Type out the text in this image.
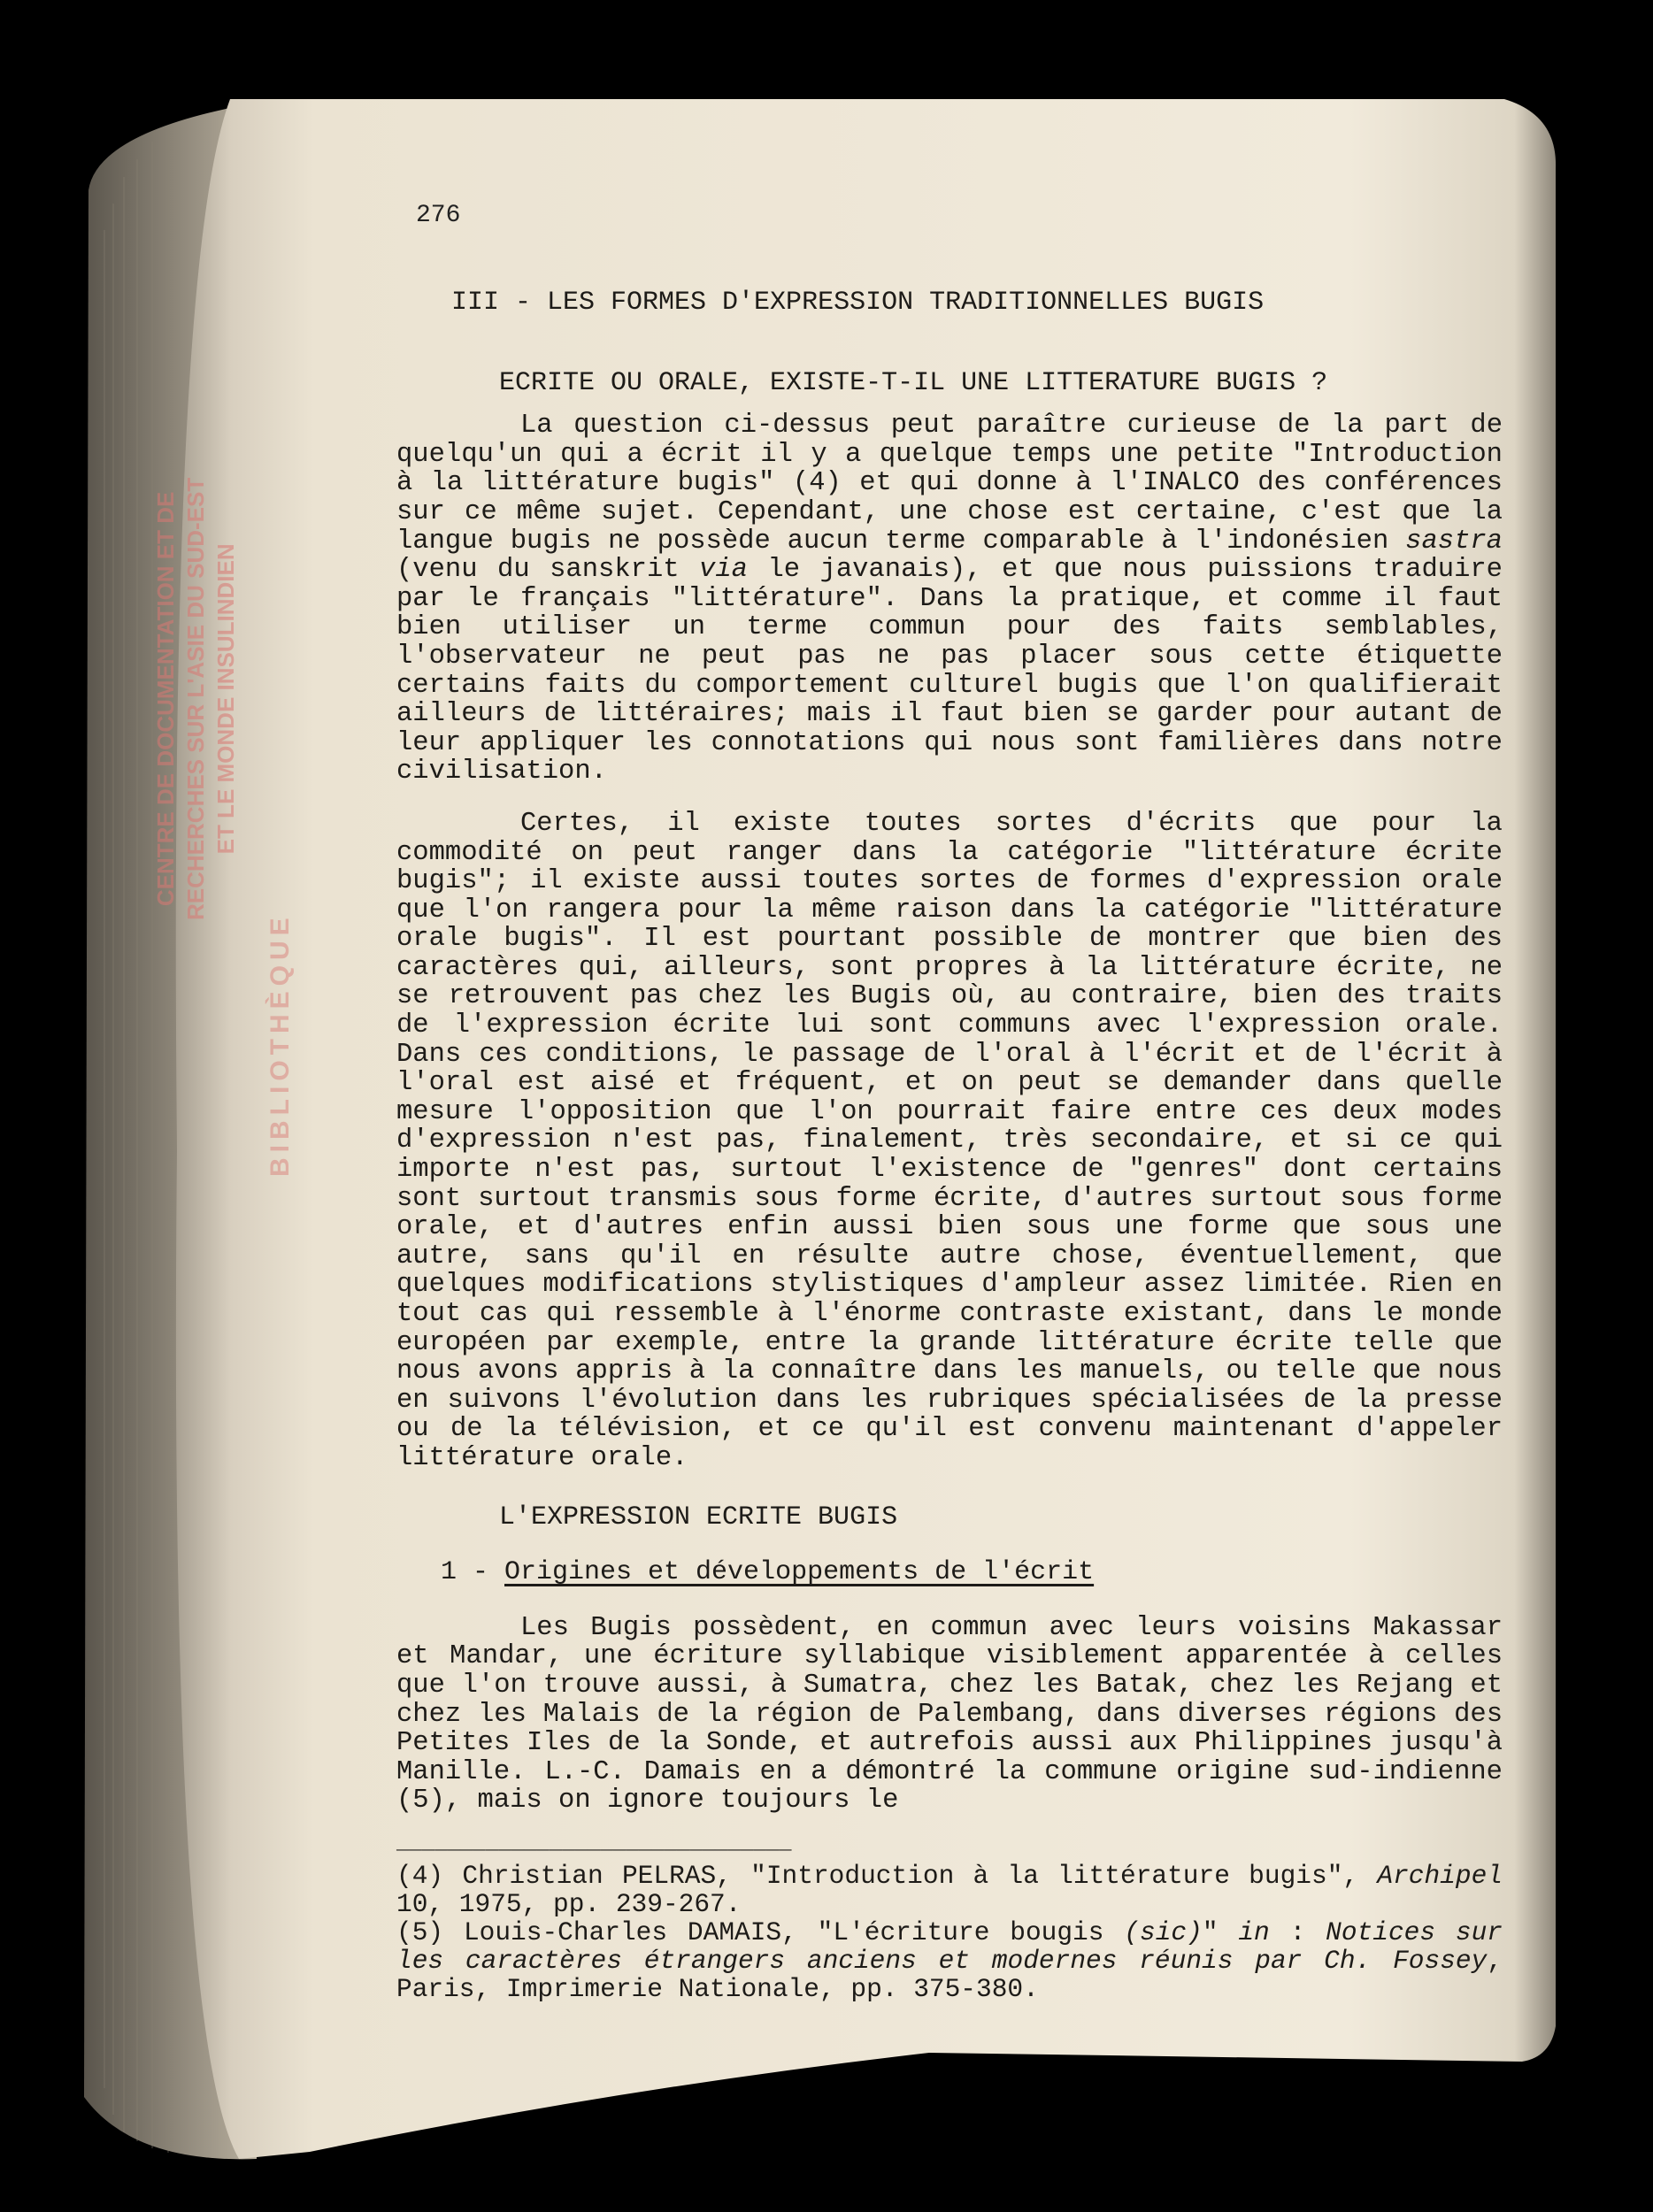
CENTRE DE DOCUMENTATION ET DE RECHERCHES SUR L'ASIE DU SUD-EST ET LE MONDE INSULINDIEN
BIBLIOTHÈQUE
276
III - LES FORMES D'EXPRESSION TRADITIONNELLES BUGIS
ECRITE OU ORALE, EXISTE-T-IL UNE LITTERATURE BUGIS ?

La question ci-dessus peut paraître curieuse de la part de quelqu'un qui a écrit il y a quelque temps une petite "Introduction à la littérature bugis" (4) et qui donne à l'INALCO des conférences sur ce même sujet. Cependant, une chose est certaine, c'est que la langue bugis ne possède aucun terme comparable à l'indonésien sastra (venu du sanskrit via le javanais), et que nous puissions traduire par le français "littérature". Dans la pratique, et comme il faut bien utiliser un terme commun pour des faits semblables, l'observateur ne peut pas ne pas placer sous cette étiquette certains faits du comportement culturel bugis que l'on qualifierait ailleurs de littéraires; mais il faut bien se garder pour autant de leur appliquer les connotations qui nous sont familières dans notre civilisation.

Certes, il existe toutes sortes d'écrits que pour la commodité on peut ranger dans la catégorie "littérature écrite bugis"; il existe aussi toutes sortes de formes d'expression orale que l'on rangera pour la même raison dans la catégorie "littérature orale bugis". Il est pourtant possible de montrer que bien des caractères qui, ailleurs, sont propres à la littérature écrite, ne se retrouvent pas chez les Bugis où, au contraire, bien des traits de l'expression écrite lui sont communs avec l'expression orale. Dans ces conditions, le passage de l'oral à l'écrit et de l'écrit à l'oral est aisé et fréquent, et on peut se demander dans quelle mesure l'opposition que l'on pourrait faire entre ces deux modes d'expression n'est pas, finalement, très secondaire, et si ce qui importe n'est pas, surtout l'existence de "genres" dont certains sont surtout transmis sous forme écrite, d'autres surtout sous forme orale, et d'autres enfin aussi bien sous une forme que sous une autre, sans qu'il en résulte autre chose, éventuellement, que quelques modifications stylistiques d'ampleur assez limitée. Rien en tout cas qui ressemble à l'énorme contraste existant, dans le monde européen par exemple, entre la grande littérature écrite telle que nous avons appris à la connaître dans les manuels, ou telle que nous en suivons l'évolution dans les rubriques spécialisées de la presse ou de la télévision, et ce qu'il est convenu maintenant d'appeler littérature orale.

L'EXPRESSION ECRITE BUGIS
1 - Origines et développements de l'écrit

Les Bugis possèdent, en commun avec leurs voisins Makassar et Mandar, une écriture syllabique visiblement apparentée à celles que l'on trouve aussi, à Sumatra, chez les Batak, chez les Rejang et chez les Malais de la région de Palembang, dans diverses régions des Petites Iles de la Sonde, et autrefois aussi aux Philippines jusqu'à Manille. L.-C. Damais en a démontré la commune origine sud-indienne (5), mais on ignore toujours le

_______________________________

(4) Christian PELRAS, "Introduction à la littérature bugis", Archipel 10, 1975, pp. 239-267.

(5) Louis-Charles DAMAIS, "L'écriture bougis (sic)" in : Notices sur les caractères étrangers anciens et modernes réunis par Ch. Fossey, Paris, Imprimerie Nationale, pp. 375-380.
